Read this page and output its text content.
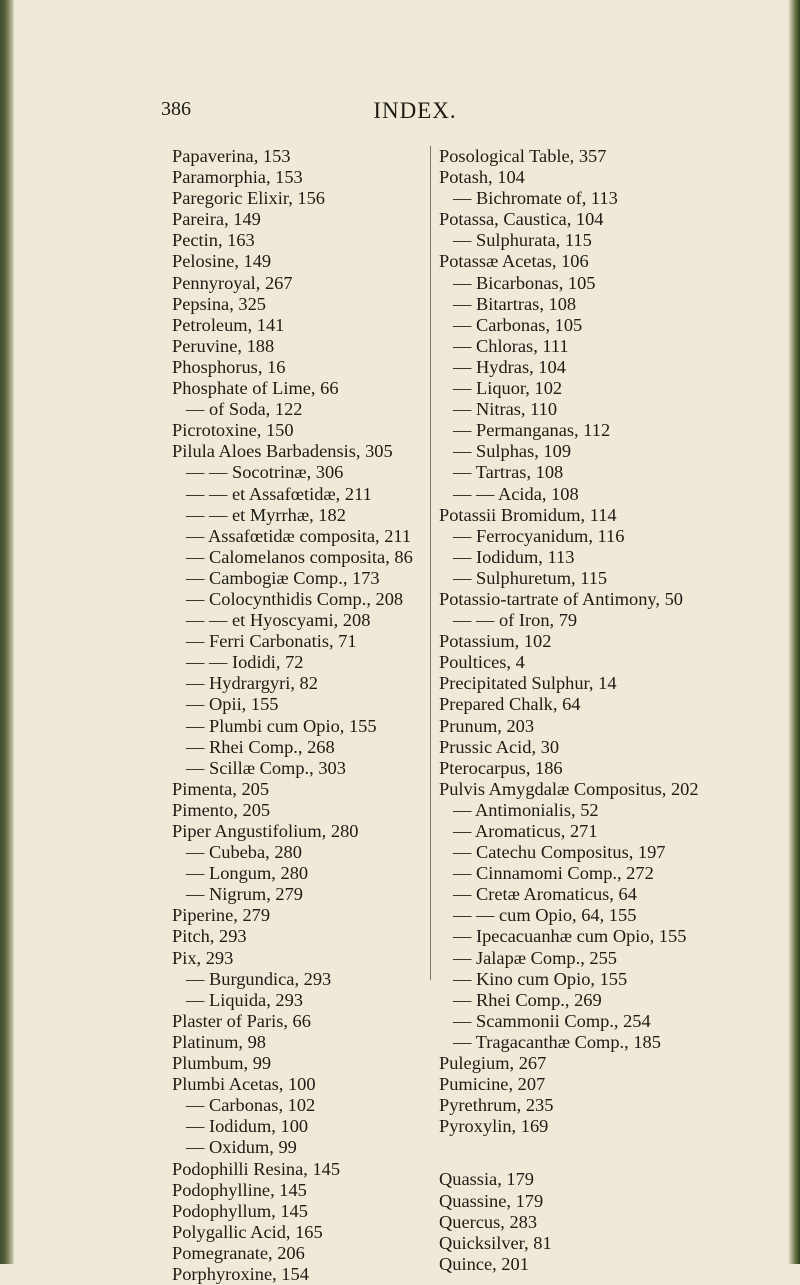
386	INDEX.
Papaverina, 153
Paramorphia, 153
Paregoric Elixir, 156
Pareira, 149
Pectin, 163
Pelosine, 149
Pennyroyal, 267
Pepsina, 325
Petroleum, 141
Peruvine, 188
Phosphorus, 16
Phosphate of Lime, 66
— of Soda, 122
Picrotoxine, 150
Pilula Aloes Barbadensis, 305
— — Socotrinæ, 306
— — et Assafœtidæ, 211
— — et Myrrhæ, 182
— Assafœtidæ composita, 211
— Calomelanos composita, 86
— Cambogiæ Comp., 173
— Colocynthidis Comp., 208
— — et Hyoscyami, 208
— Ferri Carbonatis, 71
— — Iodidi, 72
— Hydrargyri, 82
— Opii, 155
— Plumbi cum Opio, 155
— Rhei Comp., 268
— Scillæ Comp., 303
Pimenta, 205
Pimento, 205
Piper Angustifolium, 280
— Cubeba, 280
— Longum, 280
— Nigrum, 279
Piperine, 279
Pitch, 293
Pix, 293
— Burgundica, 293
— Liquida, 293
Plaster of Paris, 66
Platinum, 98
Plumbum, 99
Plumbi Acetas, 100
— Carbonas, 102
— Iodidum, 100
— Oxidum, 99
Podophilli Resina, 145
Podophylline, 145
Podophyllum, 145
Polygallic Acid, 165
Pomegranate, 206
Porphyroxine, 154
Posological Table, 357
Potash, 104
— Bichromate of, 113
Potassa, Caustica, 104
— Sulphurata, 115
Potassæ Acetas, 106
— Bicarbonas, 105
— Bitartras, 108
— Carbonas, 105
— Chloras, 111
— Hydras, 104
— Liquor, 102
— Nitras, 110
— Permanganas, 112
— Sulphas, 109
— Tartras, 108
— — Acida, 108
Potassii Bromidum, 114
— Ferrocyanidum, 116
— Iodidum, 113
— Sulphuretum, 115
Potassio-tartrate of Antimony, 50
— — of Iron, 79
Potassium, 102
Poultices, 4
Precipitated Sulphur, 14
Prepared Chalk, 64
Prunum, 203
Prussic Acid, 30
Pterocarpus, 186
Pulvis Amygdalæ Compositus, 202
— Antimonialis, 52
— Aromaticus, 271
— Catechu Compositus, 197
— Cinnamomi Comp., 272
— Cretæ Aromaticus, 64
— — cum Opio, 64, 155
— Ipecacuanhæ cum Opio, 155
— Jalapæ Comp., 255
— Kino cum Opio, 155
— Rhei Comp., 269
— Scammonii Comp., 254
— Tragacanthæ Comp., 185
Pulegium, 267
Pumicine, 207
Pyrethrum, 235
Pyroxylin, 169
Quassia, 179
Quassine, 179
Quercus, 283
Quicksilver, 81
Quince, 201
